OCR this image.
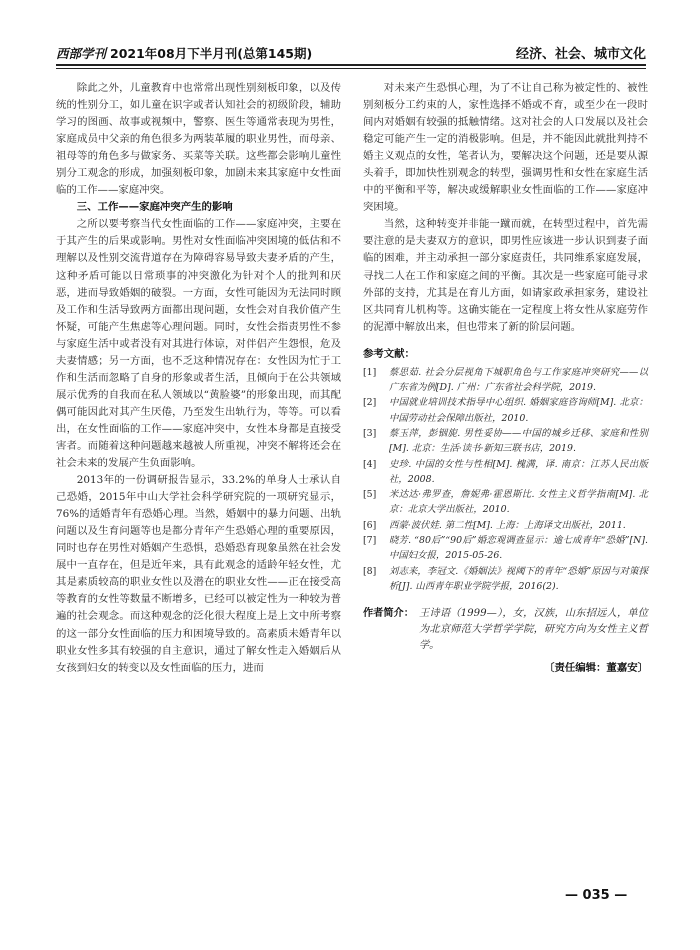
西部学刊 2021年08月下半月刊(总第145期)	经济、社会、城市文化

除此之外，儿童教育中也常常出现性别刻板印象，以及传统的性别分工，如儿童在识字或者认知社会的初级阶段，辅助学习的图画、故事或视频中，警察、医生等通常表现为男性，家庭成员中父亲的角色很多为两装革履的职业男性，而母亲、祖母等的角色多与做家务、买菜等关联。这些都会影响儿童性别分工观念的形成，加强刻板印象，加剧未来其家庭中女性面临的工作——家庭冲突。

三、工作——家庭冲突产生的影响

之所以要考察当代女性面临的工作——家庭冲突，主要在于其产生的后果或影响。男性对女性面临冲突困境的低估和不理解以及性别交流背道存在为障碍容易导致夫妻矛盾的产生，这种矛盾可能以日常琐事的冲突激化为针对个人的批判和厌恶，进而导致婚姻的破裂。一方面，女性可能因为无法同时顾及工作和生活导致两方面都出现问题，女性会对自我价值产生怀疑，可能产生焦虑等心理问题。同时，女性会指责男性不参与家庭生活中或者没有对其进行体谅，对伴侣产生怨恨，危及夫妻情感；另一方面，也不乏这种情况存在：女性因为忙于工作和生活而忽略了自身的形象或者生活，且倾向于在公共领域展示优秀的自我而在私人领域以“黄脸婆”的形象出现，而其配偶可能因此对其产生厌倦，乃至发生出轨行为，等等。可以看出，在女性面临的工作——家庭冲突中，女性本身都是直接受害者。而随着这种问题越来越被人所重视，冲突不解将还会在社会未来的发展产生负面影响。

2013年的一份调研报告显示，33.2%的单身人士承认自己恐婚，2015年中山大学社会科学研究院的一项研究显示，76%的适婚青年有恐婚心理。当然，婚姻中的暴力问题、出轨问题以及生育问题等也是都分青年产生恐婚心理的重要原因，同时也存在男性对婚姻产生恐惧，恐婚恐育现象虽然在社会发展中一直存在，但是近年来，具有此观念的适龄年轻女性，尤其是素质较高的职业女性以及潜在的职业女性——正在接受高等教育的女性等数量不断增多，已经可以被定性为一种较为普遍的社会观念。而这种观念的泛化很大程度上是上文中所考察的这一部分女性面临的压力和困境导致的。高素质未婚青年以职业女性多其有较强的自主意识，通过了解女性走入婚姻后从女孩到妇女的转变以及女性面临的压力，进而

对未来产生恐惧心理，为了不让自己称为被定性的、被性别刻板分工约束的人，家性选择不婚或不育，或至少在一段时间内对婚姻有较强的抵触情绪。这对社会的人口发展以及社会稳定可能产生一定的消极影响。但是，并不能因此就批判持不婚主义观点的女性，笔者认为，要解决这个问题，还是要从源头着手，即加快性别观念的转型，强调男性和女性在家庭生活中的平衡和平等，解决或缓解职业女性面临的工作——家庭冲突困境。

当然，这种转变并非能一蹴而就，在转型过程中，首先需要注意的是夫妻双方的意识，即男性应该进一步认识到妻子面临的困难，并主动承担一部分家庭责任，共同维系家庭发展，寻找二人在工作和家庭之间的平衡。其次是一些家庭可能寻求外部的支持，尤其是在育儿方面，如请家政承担家务，建设社区共同育儿机构等。这确实能在一定程度上将女性从家庭劳作的泥潭中解放出来，但也带来了新的阶层问题。

参考文献：
[1]	蔡思茹. 社会分层视角下城职角色与工作家庭冲突研究——以广东省为例[D]. 广州：广东省社会科学院，2019.
[2]	中国就业培训技术指导中心组织. 婚姻家庭咨询师[M]. 北京：中国劳动社会保障出版社，2010.
[3]	蔡玉萍，彭铟旎. 男性妥协——中国的城乡迁移、家庭和性别[M]. 北京：生活·读书·新知三联书店，2019.
[4]	史珍. 中国的女性与性相[M]. 槐满，译. 南京：江苏人民出版社，2008.
[5]	米达达·弗罗查，詹妮弗·霍恩斯比. 女性主义哲学指南[M]. 北京：北京大学出版社，2010.
[6]	西蒙·波伏娃. 第二性[M]. 上海：上海译文出版社，2011.
[7]	晓芳. “80后”“90后”婚恋观调查显示：逾七成青年“恐婚”[N]. 中国妇女报，2015-05-26.
[8]	刘志来，李冠文.《婚姻法》视阈下的青年“恐婚”原因与对策探析[J]. 山西青年职业学院学报，2016(2).
作者简介： 王诗语（1999—），女，汉族，山东招远人，单位为北京师范大学哲学学院，研究方向为女性主义哲学。
〔责任编辑：董嘉安〕
— 035 —
